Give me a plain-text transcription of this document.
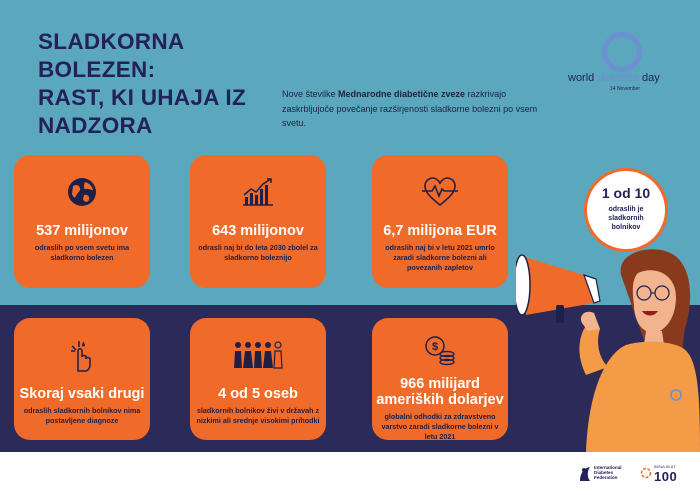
SLADKORNA
BOLEZEN:
RAST, KI UHAJA IZ
NADZORA
Nove številke Mednarodne diabetične zveze razkrivajo zaskrbljujoče povečanje razširjenosti sladkorne bolezni po vsem svetu.
world diabetes day
14 November
537 milijonov
odraslih po vsem svetu ima sladkorno bolezen
643 milijonov
odrasli naj bi do leta 2030 zbolel za sladkorno boleznijo
6,7 milijona EUR
odraslih naj bi v letu 2021 umrlo zaradi sladkorne bolezni ali povezanih zapletov
Skoraj vsaki drugi
odraslih sladkornih bolnikov nima postavljene diagnoze
4 od 5 oseb
sladkornih bolnikov živi v državah z nizkimi ali srednje visokimi prihodki
$
966 milijard ameriških dolarjev
globalni odhodki za zdravstveno varstvo zaradi sladkorne bolezni v letu 2021
1 od 10
odraslih je sladkornih bolnikov
International
Diabetes
Federation
INSULIN AT
100
